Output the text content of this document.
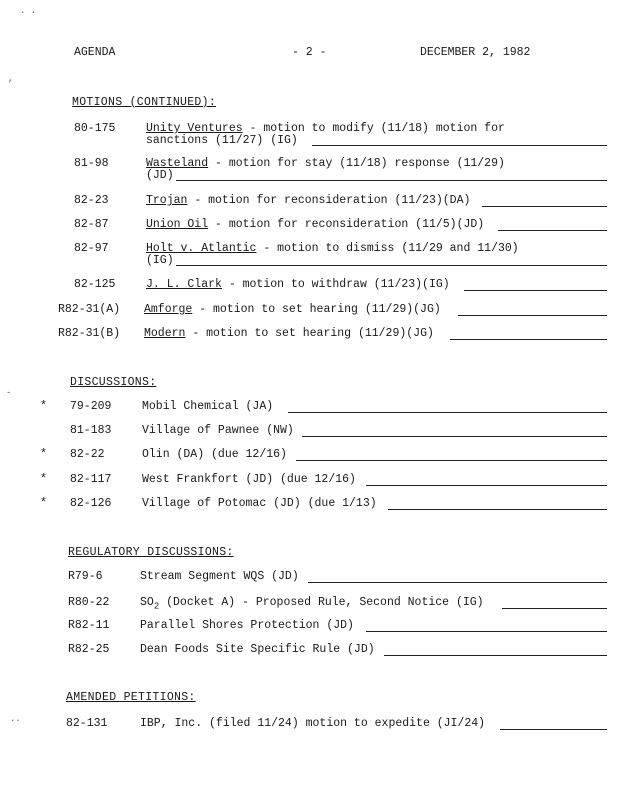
AGENDA	- 2 -	DECEMBER 2, 1982
MOTIONS (CONTINUED):
80-175	Unity Ventures - motion to modify (11/18) motion for
sanctions (11/27) (IG)
81-98	Wasteland - motion for stay (11/18) response (11/29)
(JD)
82-23	Trojan - motion for reconsideration (11/23)(DA)
82-87	Union Oil - motion for reconsideration (11/5)(JD)
82-97	Holt v. Atlantic - motion to dismiss (11/29 and 11/30)
(IG)
82-125	J. L. Clark - motion to withdraw (11/23)(IG)
R82-31(A) Amforge - motion to set hearing (11/29)(JG)
R82-31(B) Modern - motion to set hearing (11/29)(JG)
DISCUSSIONS:
* 79-209	Mobil Chemical (JA)
81-183	Village of Pawnee (NW)
* 82-22	Olin (DA) (due 12/16)
* 82-117	West Frankfort (JD) (due 12/16)
* 82-126	Village of Potomac (JD) (due 1/13)
REGULATORY DISCUSSIONS:
R79-6	Stream Segment WQS (JD)
R80-22	$SO_2$ (Docket A) - Proposed Rule, Second Notice (IG)
R82-11	Parallel Shores Protection (JD)
R82-25	Dean Foods Site Specific Rule (JD)
AMENDED PETITIONS:
82-131	IBP, Inc. (filed 11/24) motion to expedite (JI/24)
· ·
,
-
··
